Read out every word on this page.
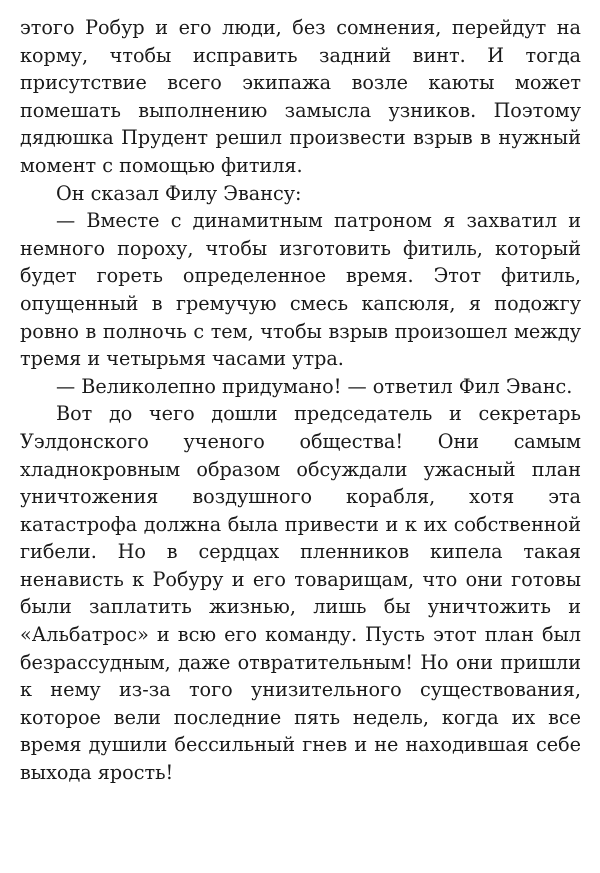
этого Робур и его люди, без сомнения, перейдут на корму, чтобы исправить задний винт. И тогда присутствие всего экипажа возле каюты может помешать выполнению замысла узников. Поэтому дядюшка Прудент решил произвести взрыв в нужный момент с помощью фитиля.

Он сказал Филу Эвансу:

— Вместе с динамитным патроном я захватил и немного пороху, чтобы изготовить фитиль, который будет гореть определенное время. Этот фитиль, опущенный в гремучую смесь капсюля, я подожгу ровно в полночь с тем, чтобы взрыв произошел между тремя и четырьмя часами утра.

— Великолепно придумано! — ответил Фил Эванс.

Вот до чего дошли председатель и секретарь Уэлдонского ученого общества! Они самым хладнокровным образом обсуждали ужасный план уничтожения воздушного корабля, хотя эта катастрофа должна была привести и к их собственной гибели. Но в сердцах пленников кипела такая ненависть к Робуру и его товарищам, что они готовы были заплатить жизнью, лишь бы уничтожить и «Альбатрос» и всю его команду. Пусть этот план был безрассудным, даже отвратительным! Но они пришли к нему из-за того унизительного существования, которое вели последние пять недель, когда их все время душили бессильный гнев и не находившая себе выхода ярость!
